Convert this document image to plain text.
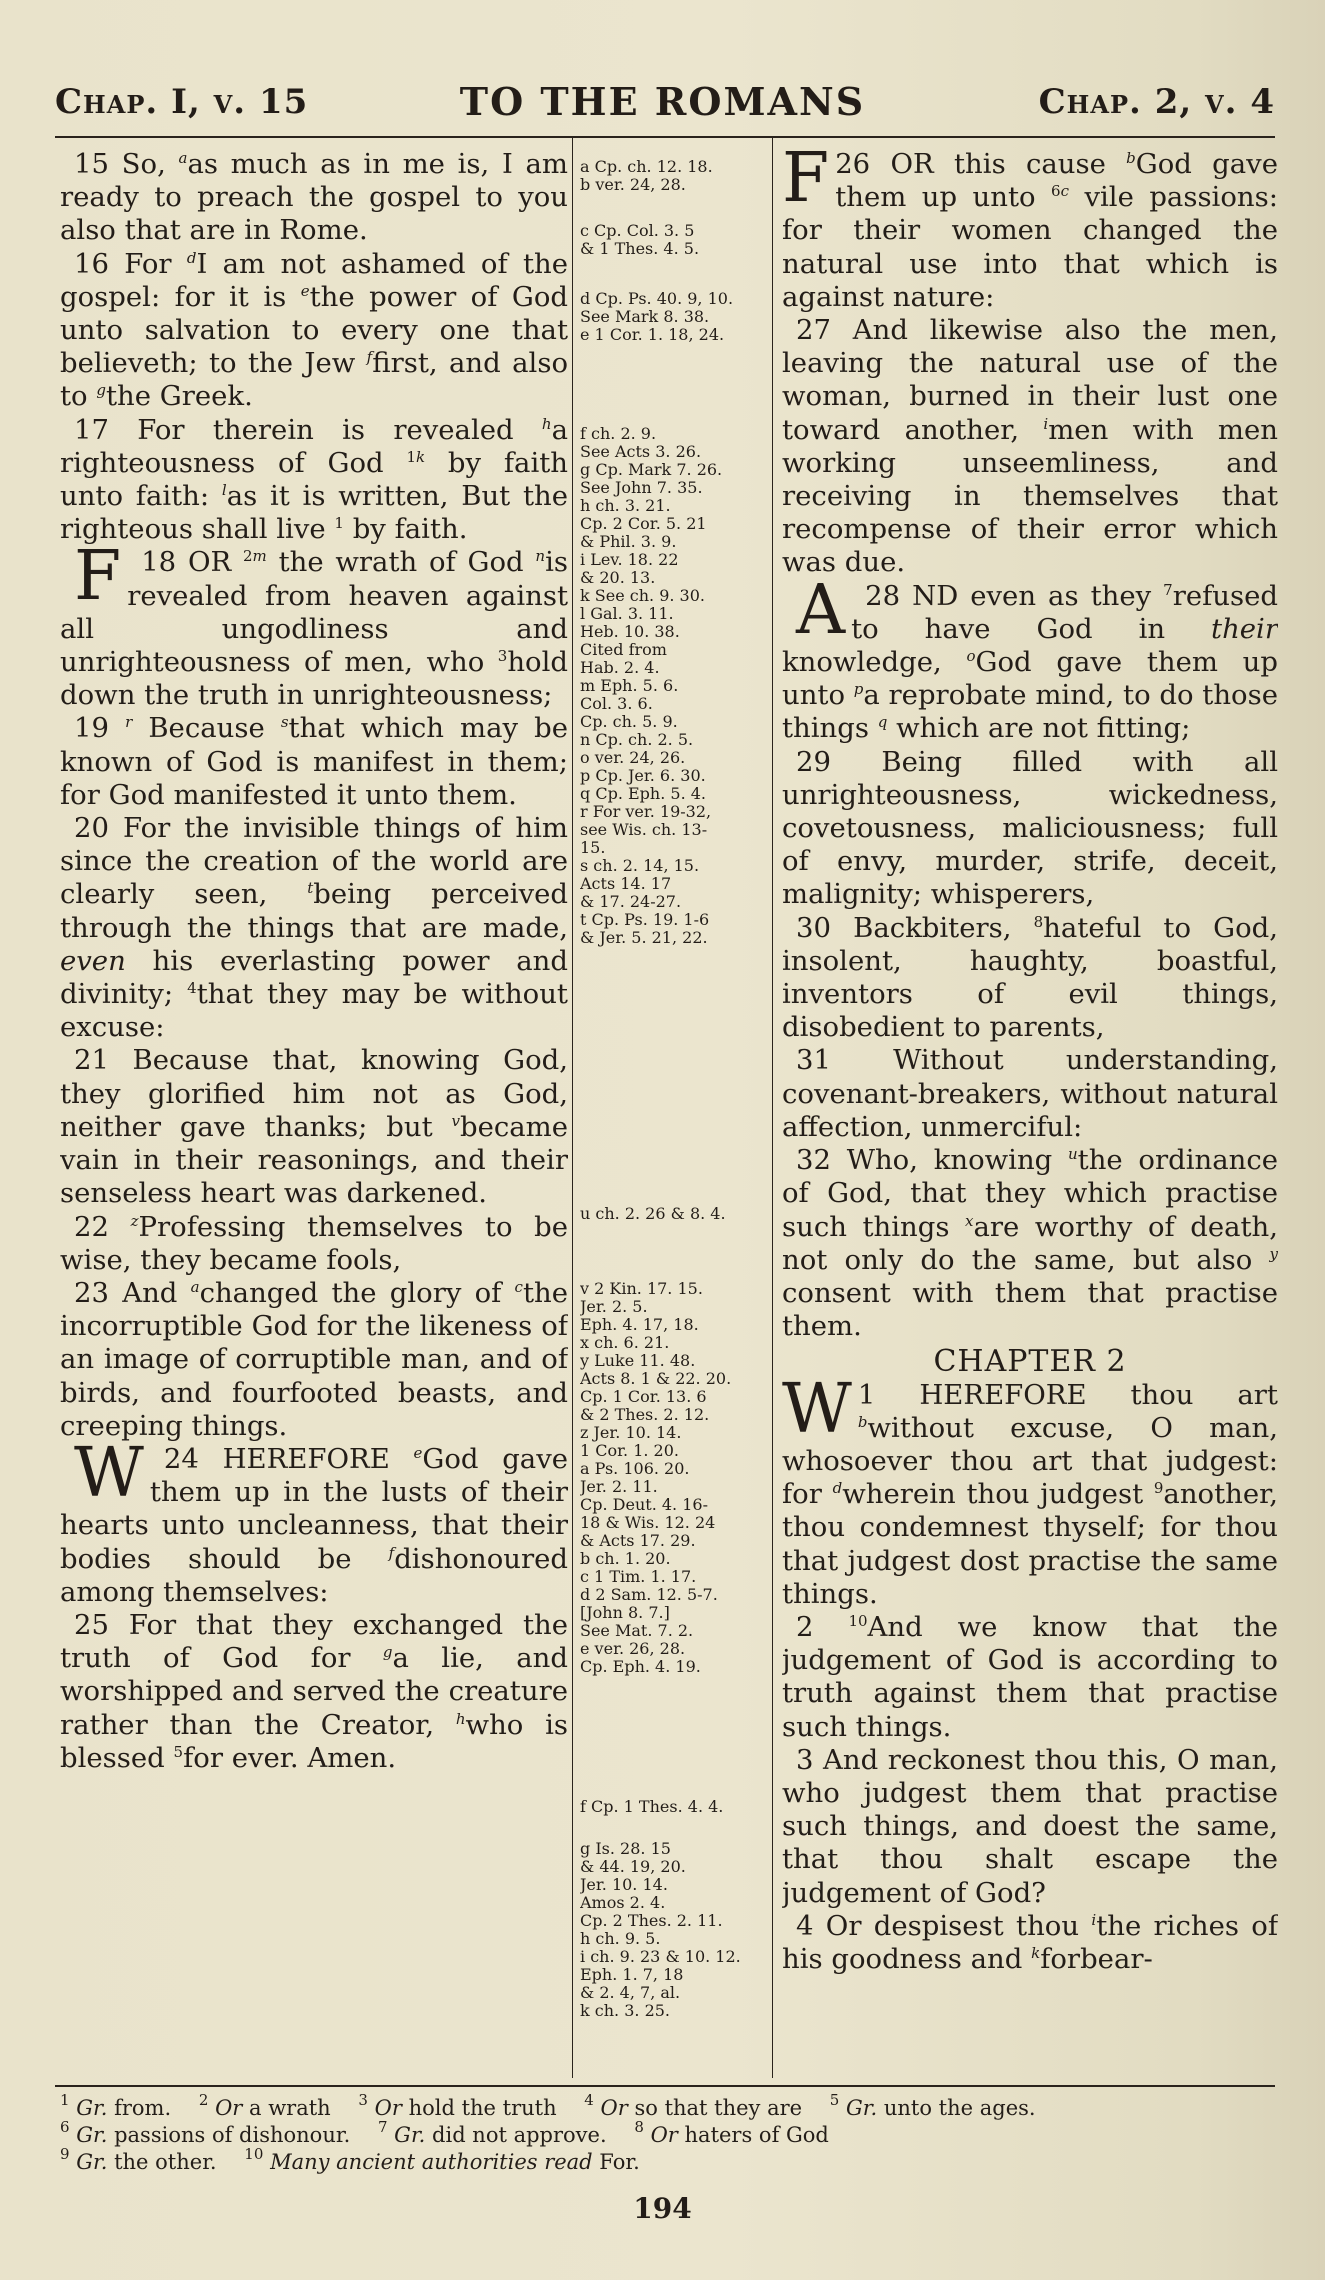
Chap. I, v. 15	TO THE ROMANS	Chap. 2, v. 4

15 So, $^a$as much as in me is, I am ready to preach the gospel to you also that are in Rome.

16 For $^d$I am not ashamed of the gospel: for it is $^e$the power of God unto salvation to every one that believeth; to the Jew $^f$first, and also to $^g$the Greek.

17 For therein is revealed $^h$a righteousness of God $^{1k}$ by faith unto faith: $^l$as it is written, But the righteous shall live $^1$ by faith.

18
F OR $^{2m}$ the wrath of God $^n$is revealed from heaven against all ungodliness and unrighteousness of men, who $^3$hold down the truth in unrighteousness;

19 $^r$ Because $^s$that which may be known of God is manifest in them; for God manifested it unto them.

20 For the invisible things of him since the creation of the world are clearly seen, $^t$being perceived through the things that are made, even his everlasting power and divinity; $^4$that they may be without excuse:

21 Because that, knowing God, they glorified him not as God, neither gave thanks; but $^v$became vain in their reasonings, and their senseless heart was darkened.

22 $^z$Professing themselves to be wise, they became fools,

23 And $^a$changed the glory of $^c$the incorruptible God for the likeness of an image of corruptible man, and of birds, and fourfooted beasts, and creeping things.

24
W	HEREFORE $^e$God gave them up in the lusts of their hearts unto uncleanness, that their bodies should be $^f$dishonoured among themselves:

25 For that they exchanged the truth of God for $^g$a lie, and worshipped and served the creature rather than the Creator, $^h$who is blessed $^5$for ever. Amen.

a Cp. ch. 12. 18.
b ver. 24, 28.
c Cp. Col. 3. 5
& 1 Thes. 4. 5.
d Cp. Ps. 40. 9, 10.
See Mark 8. 38.
e 1 Cor. 1. 18, 24.
f ch. 2. 9.
See Acts 3. 26.
g Cp. Mark 7. 26.
See John 7. 35.
h ch. 3. 21.
Cp. 2 Cor. 5. 21
& Phil. 3. 9.
i Lev. 18. 22
& 20. 13.
k See ch. 9. 30.
l Gal. 3. 11.
Heb. 10. 38.
Cited from
Hab. 2. 4.
m Eph. 5. 6.
Col. 3. 6.
Cp. ch. 5. 9.
n Cp. ch. 2. 5.
o ver. 24, 26.
p Cp. Jer. 6. 30.
q Cp. Eph. 5. 4.
r For ver. 19-32,
see Wis. ch. 13-
15.
s ch. 2. 14, 15.
Acts 14. 17
& 17. 24-27.
t Cp. Ps. 19. 1-6
& Jer. 5. 21, 22.
u ch. 2. 26 & 8. 4.
v 2 Kin. 17. 15.
Jer. 2. 5.
Eph. 4. 17, 18.
x ch. 6. 21.
y Luke 11. 48.
Acts 8. 1 & 22. 20.
Cp. 1 Cor. 13. 6
& 2 Thes. 2. 12.
z Jer. 10. 14.
1 Cor. 1. 20.
a Ps. 106. 20.
Jer. 2. 11.
Cp. Deut. 4. 16-
18 & Wis. 12. 24
& Acts 17. 29.
b ch. 1. 20.
c 1 Tim. 1. 17.
d 2 Sam. 12. 5-7.
[John 8. 7.]
See Mat. 7. 2.
e ver. 26, 28.
Cp. Eph. 4. 19.
f Cp. 1 Thes. 4. 4.
g Is. 28. 15
& 44. 19, 20.
Jer. 10. 14.
Amos 2. 4.
Cp. 2 Thes. 2. 11.
h ch. 9. 5.
i ch. 9. 23 & 10. 12.
Eph. 1. 7, 18
& 2. 4, 7, al.
k ch. 3. 25.

26
F OR this cause $^b$God gave them up unto $^{6c}$ vile passions: for their women changed the natural use into that which is against nature:

27 And likewise also the men, leaving the natural use of the woman, burned in their lust one toward another, $^i$men with men working unseemliness, and receiving in themselves that recompense of their error which was due.

28
A ND even as they $^7$refused to have God in their knowledge, $^o$God gave them up unto $^p$a reprobate mind, to do those things $^q$ which are not fitting;

29 Being filled with all unrighteousness, wickedness, covetousness, maliciousness; full of envy, murder, strife, deceit, malignity; whisperers,

30 Backbiters, $^8$hateful to God, insolent, haughty, boastful, inventors of evil things, disobedient to parents,

31 Without understanding, covenant-breakers, without natural affection, unmerciful:

32 Who, knowing $^u$the ordinance of God, that they which practise such things $^x$are worthy of death, not only do the same, but also $^y$ consent with them that practise them.

CHAPTER 2

1
W HEREFORE thou art $^b$without excuse, O man, whosoever thou art that judgest: for $^d$wherein thou judgest $^9$another, thou condemnest thyself; for thou that judgest dost practise the same things.

2 $^{10}$And we know that the judgement of God is according to truth against them that practise such things.

3 And reckonest thou this, O man, who judgest them that practise such things, and doest the same, that thou shalt escape the judgement of God?

4 Or despisest thou $^i$the riches of his goodness and $^k$forbear-

$^1$ Gr. from.  $^2$ Or a wrath  $^3$ Or hold the truth  $^4$ Or so that they are  $^5$ Gr. unto the ages.  $^6$ Gr. passions of dishonour.  $^7$ Gr. did not approve.  $^8$ Or haters of God
$^9$ Gr. the other.  $^{10}$ Many ancient authorities read For.
194
